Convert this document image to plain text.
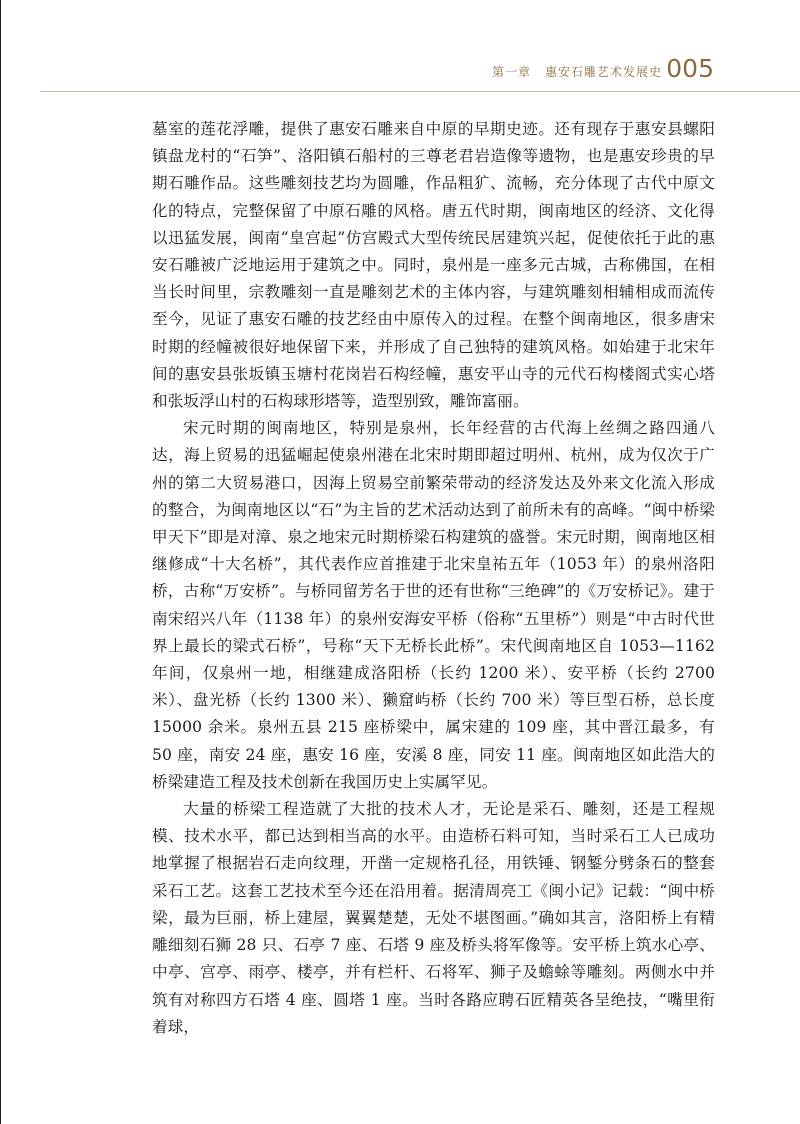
第一章 惠安石雕艺术发展史 005

墓室的莲花浮雕，提供了惠安石雕来自中原的早期史迹。还有现存于惠安县螺阳镇盘龙村的“石笋”、洛阳镇石船村的三尊老君岩造像等遗物，也是惠安珍贵的早期石雕作品。这些雕刻技艺均为圆雕，作品粗犷、流畅，充分体现了古代中原文化的特点，完整保留了中原石雕的风格。唐五代时期，闽南地区的经济、文化得以迅猛发展，闽南“皇宫起”仿宫殿式大型传统民居建筑兴起，促使依托于此的惠安石雕被广泛地运用于建筑之中。同时，泉州是一座多元古城，古称佛国，在相当长时间里，宗教雕刻一直是雕刻艺术的主体内容，与建筑雕刻相辅相成而流传至今，见证了惠安石雕的技艺经由中原传入的过程。在整个闽南地区，很多唐宋时期的经幢被很好地保留下来，并形成了自己独特的建筑风格。如始建于北宋年间的惠安县张坂镇玉塘村花岗岩石构经幢，惠安平山寺的元代石构楼阁式实心塔和张坂浮山村的石构球形塔等，造型别致，雕饰富丽。

宋元时期的闽南地区，特别是泉州，长年经营的古代海上丝绸之路四通八达，海上贸易的迅猛崛起使泉州港在北宋时期即超过明州、杭州，成为仅次于广州的第二大贸易港口，因海上贸易空前繁荣带动的经济发达及外来文化流入形成的整合，为闽南地区以“石”为主旨的艺术活动达到了前所未有的高峰。“闽中桥梁甲天下”即是对漳、泉之地宋元时期桥梁石构建筑的盛誉。宋元时期，闽南地区相继修成“十大名桥”，其代表作应首推建于北宋皇祐五年（1053 年）的泉州洛阳桥，古称“万安桥”。与桥同留芳名于世的还有世称“三绝碑”的《万安桥记》。建于南宋绍兴八年（1138 年）的泉州安海安平桥（俗称“五里桥”）则是“中古时代世界上最长的梁式石桥”，号称“天下无桥长此桥”。宋代闽南地区自 1053—1162 年间，仅泉州一地，相继建成洛阳桥（长约 1200 米）、安平桥（长约 2700 米）、盘光桥（长约 1300 米）、獭窟屿桥（长约 700 米）等巨型石桥，总长度 15000 余米。泉州五县 215 座桥梁中，属宋建的 109 座，其中晋江最多，有 50 座，南安 24 座，惠安 16 座，安溪 8 座，同安 11 座。闽南地区如此浩大的桥梁建造工程及技术创新在我国历史上实属罕见。

大量的桥梁工程造就了大批的技术人才，无论是采石、雕刻，还是工程规模、技术水平，都已达到相当高的水平。由造桥石料可知，当时采石工人已成功地掌握了根据岩石走向纹理，开凿一定规格孔径，用铁锤、钢錾分劈条石的整套采石工艺。这套工艺技术至今还在沿用着。据清周亮工《闽小记》记载：“闽中桥梁，最为巨丽，桥上建屋，翼翼楚楚，无处不堪图画。”确如其言，洛阳桥上有精雕细刻石狮 28 只、石亭 7 座、石塔 9 座及桥头将军像等。安平桥上筑水心亭、中亭、宫亭、雨亭、楼亭，并有栏杆、石将军、狮子及蟾蜍等雕刻。两侧水中并筑有对称四方石塔 4 座、圆塔 1 座。当时各路应聘石匠精英各呈绝技，“嘴里衔着球，
